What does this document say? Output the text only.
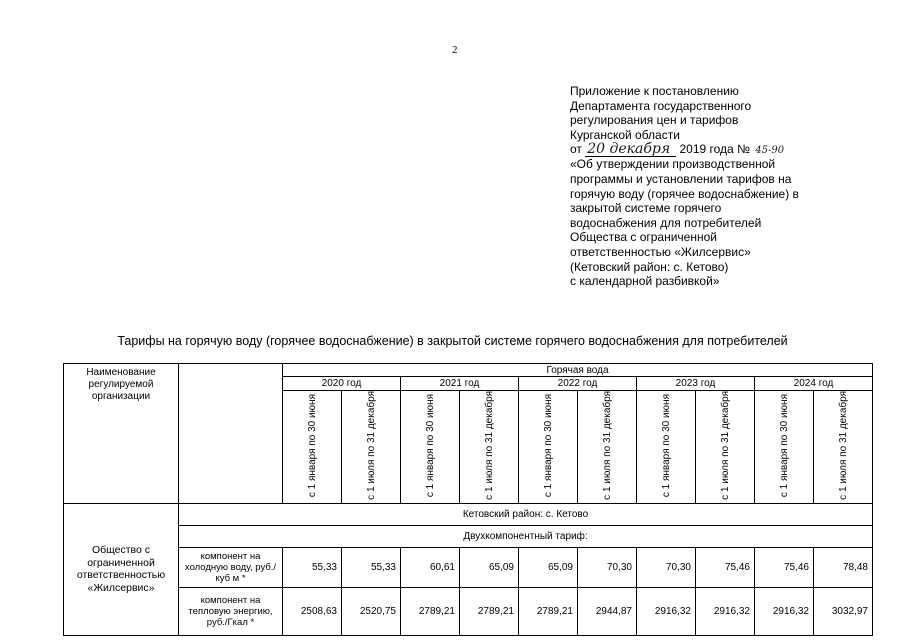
2
Приложение к постановлению
Департамента государственного
регулирования цен и тарифов
Курганской области
от 20 декабря 2019 года № 45-90
«Об утверждении производственной
программы и установлении тарифов на
горячую воду (горячее водоснабжение) в
закрытой системе горячего
водоснабжения для потребителей
Общества с ограниченной
ответственностью «Жилсервис»
(Кетовский район: с. Кетово)
с календарной разбивкой»
Тарифы на горячую воду (горячее водоснабжение) в закрытой системе горячего водоснабжения для потребителей
Наименование регулируемой организации		Горячая вода									
		2020 год		2021 год		2022 год		2023 год		2024 год	
		с 1 января по 30 июня	с 1 июля по 31 декабря	с 1 января по 30 июня	с 1 июля по 31 декабря	с 1 января по 30 июня	с 1 июля по 31 декабря	с 1 января по 30 июня	с 1 июля по 31 декабря	с 1 января по 30 июня	с 1 июля по 31 декабря
Общество с ограниченной ответственностью «Жилсервис»	Кетовский район: с. Кетово										
	Двухкомпонентный тариф:										
	компонент на холодную воду, руб./куб м *	55,33	55,33	60,61	65,09	65,09	70,30	70,30	75,46	75,46	78,48
	компонент на тепловую энергию, руб./Гкал *	2508,63	2520,75	2789,21	2789,21	2789,21	2944,87	2916,32	2916,32	2916,32	3032,97
